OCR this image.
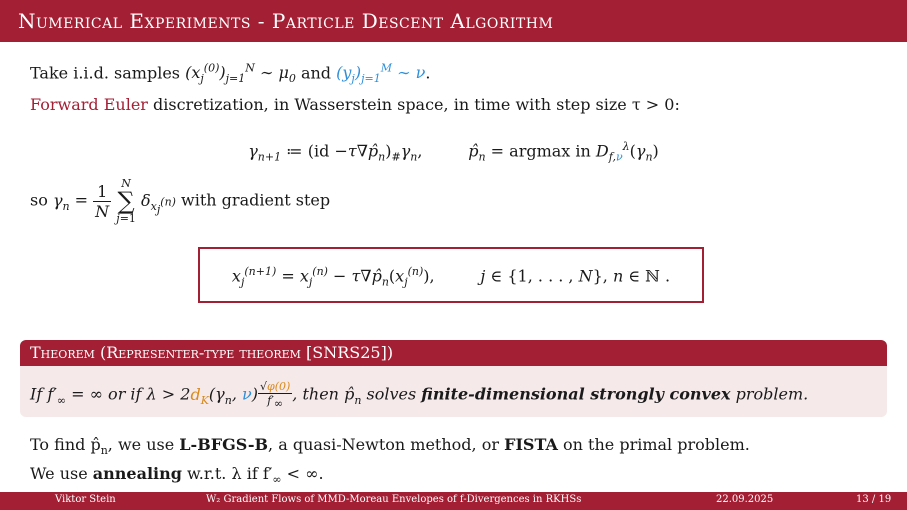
Numerical Experiments - Particle Descent Algorithm
Take i.i.d. samples $(x_j^{(0)})_{j=1}^N$ ∼ $\mu_0$ and $(y_j)_{j=1}^M$ ∼ ν.
Forward Euler discretization, in Wasserstein space, in time with step size τ > 0:
$\gamma_{n+1}$ ≔ $(id -\tau\nabla p̂_n)_{\#}\gamma_n$,         $p̂_n = argmax$ in $D_{f,\nu}^\lambda(\gamma_n)$
so $\gamma_n = \frac{1}{N}$
N
∑
j=1
$\delta_{x_j^{(n)}}$ with gradient step
$x_j^{(n+1)} = x_j^{(n)}$ − $\tau\nabla p̂_n(x_j^{(n)})$,         j ∈ {1, . . . , N}, n ∈ ℕ .
Theorem (Representer-type theorem [SNRS25])
If $f'_\infty$ = ∞ or if $\lambda > 2d_K(\gamma_n$, $\nu) \frac{√\varphi(0)}{f'_\infty}$ , then $p̂_n$ solves finite-dimensional strongly convex problem.
To find $p̂_n$, we use L-BFGS-B, a quasi-Newton method, or FISTA on the primal problem.
We use annealing w.r.t. λ if $f'_\infty$ < ∞.
Viktor Stein	W₂ Gradient Flows of MMD-Moreau Envelopes of f-Divergences in RKHSs	22.09.2025	13 / 19
